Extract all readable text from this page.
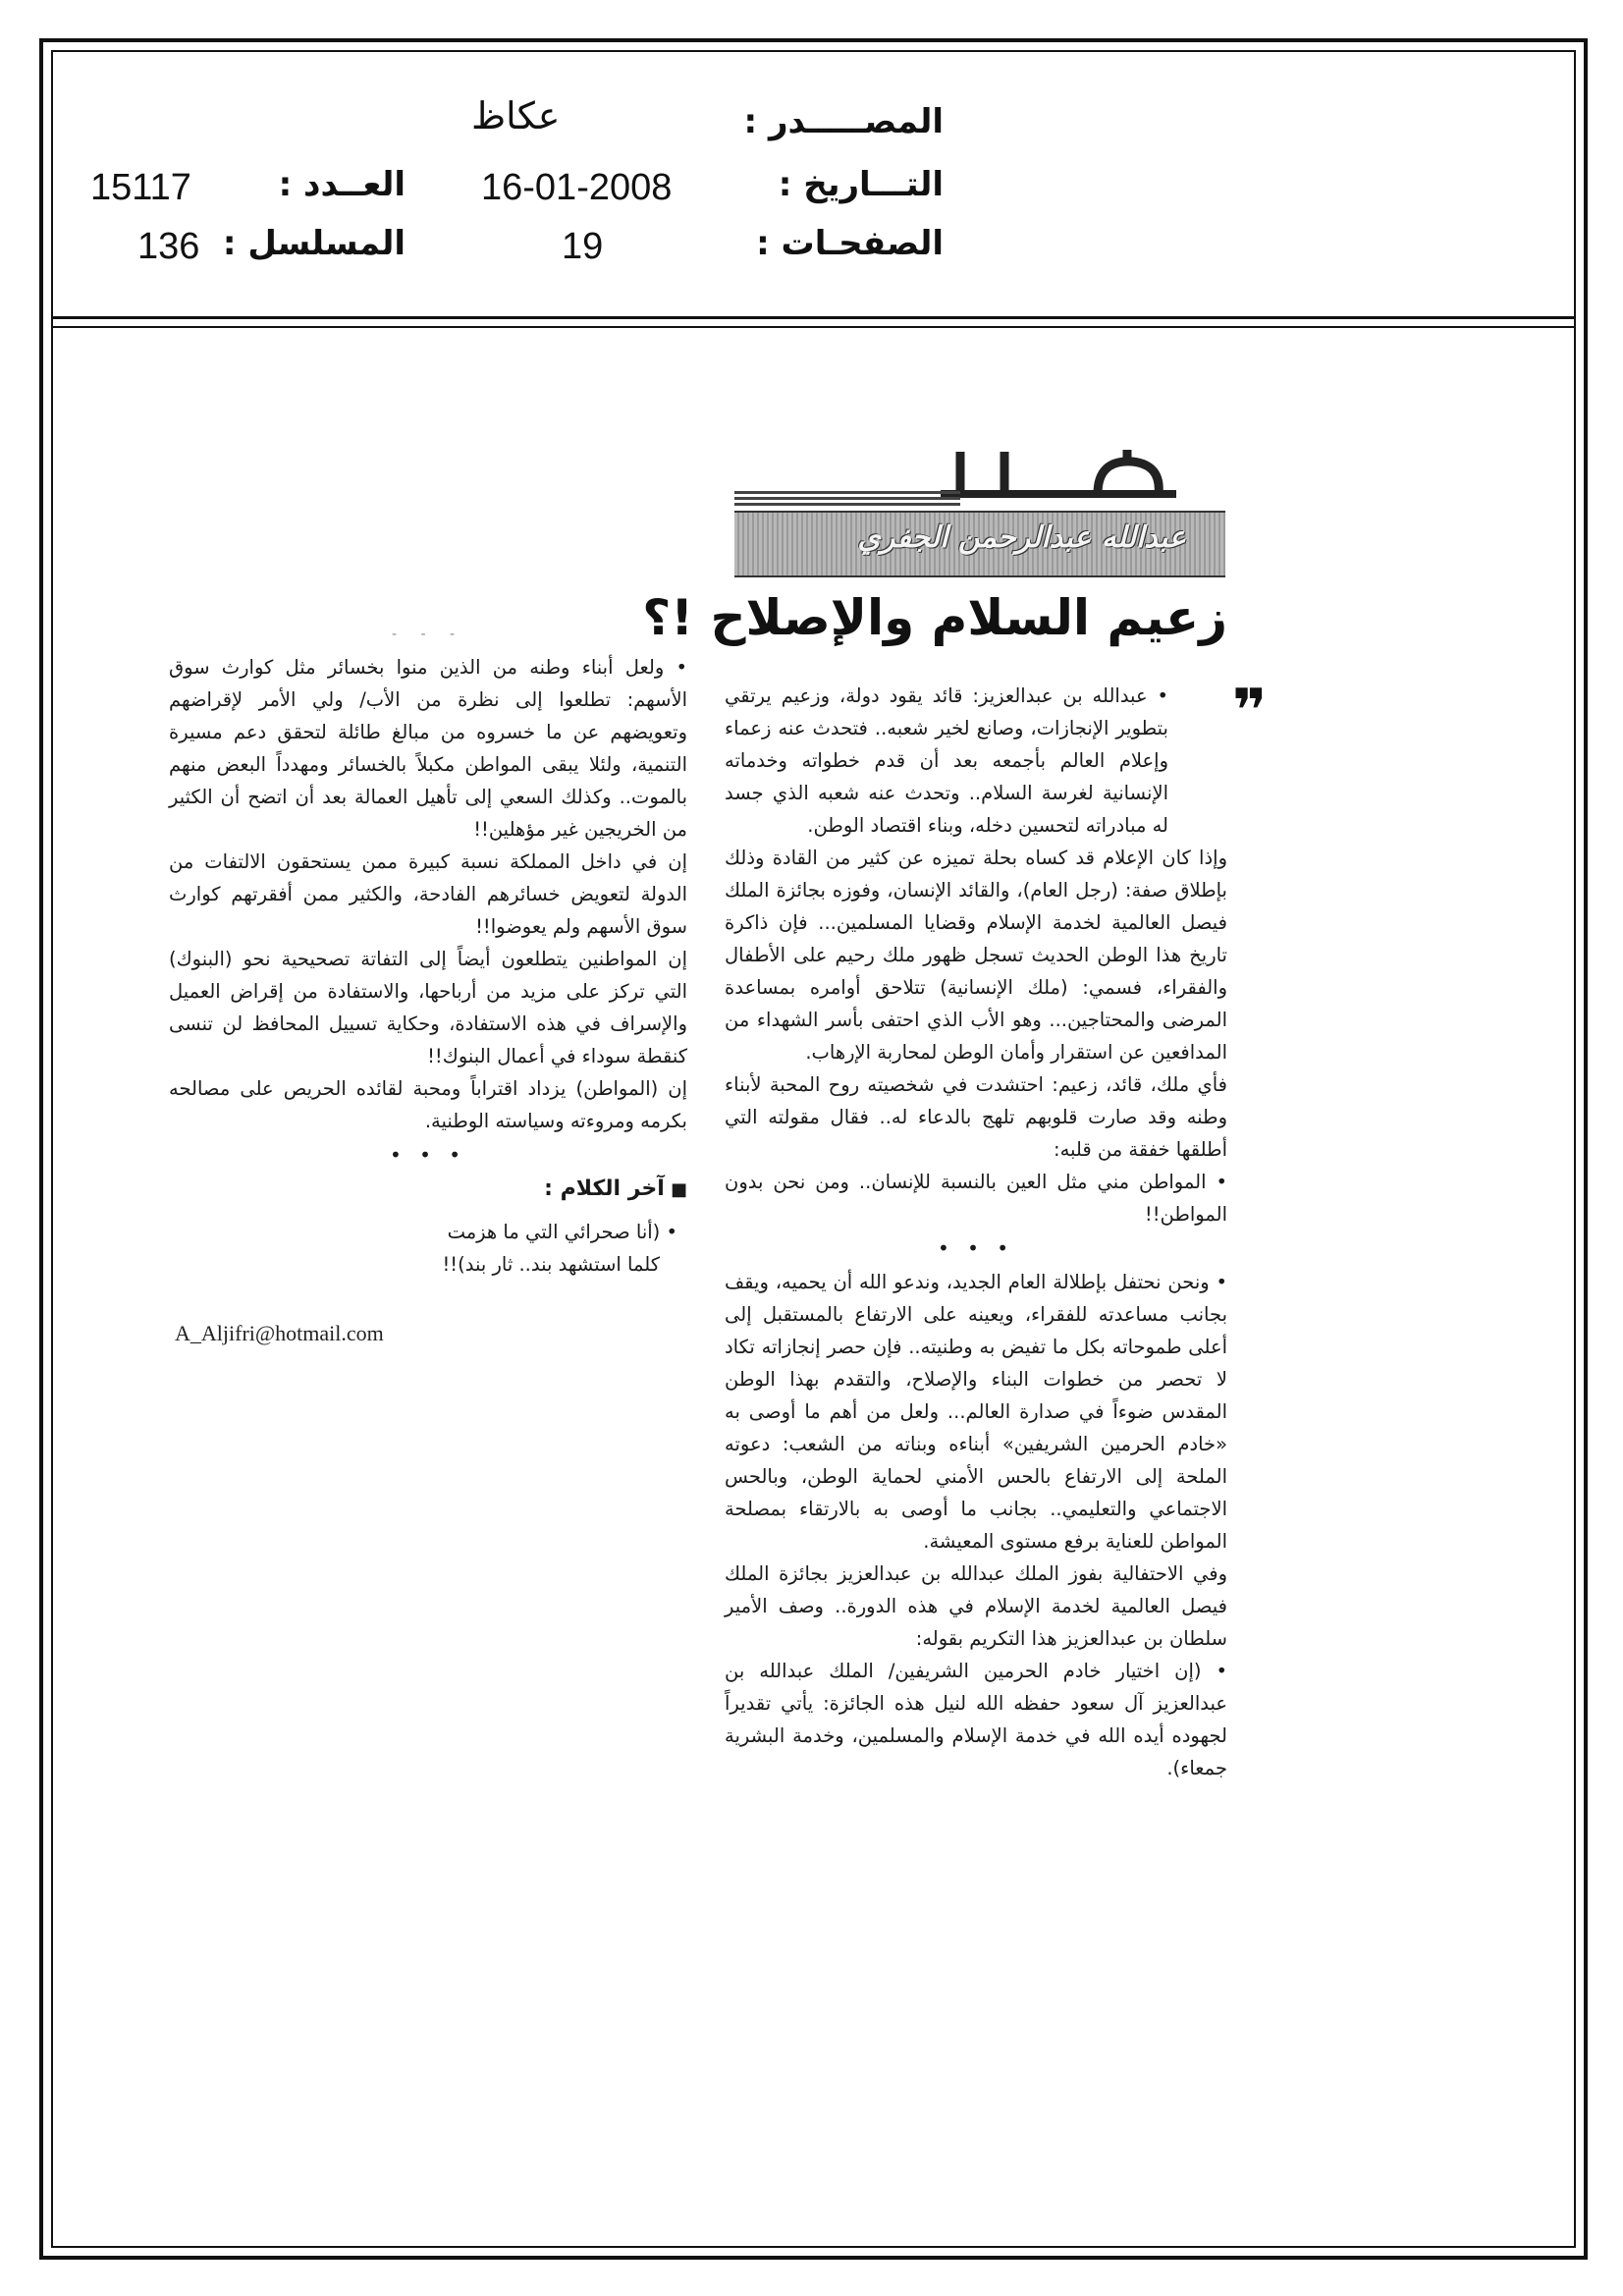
المصـــــدر :
عكاظ
التـــاريخ :
16-01-2008
العــدد :
15117
الصفحـات :
19
المسلسل :
136
عبدالله عبدالرحمن الجفري
زعيم السلام والإصلاح !؟
❞

• عبدالله بن عبدالعزيز: قائد يقود دولة، وزعيم يرتقي بتطوير الإنجازات، وصانع لخير شعبه.. فتحدث عنه زعماء وإعلام العالم بأجمعه بعد أن قدم خطواته وخدماته الإنسانية لغرسة السلام.. وتحدث عنه شعبه الذي جسد له مبادراته لتحسين دخله، وبناء اقتصاد الوطن.

وإذا كان الإعلام قد كساه بحلة تميزه عن كثير من القادة وذلك بإطلاق صفة: (رجل العام)، والقائد الإنسان، وفوزه بجائزة الملك فيصل العالمية لخدمة الإسلام وقضايا المسلمين... فإن ذاكرة تاريخ هذا الوطن الحديث تسجل ظهور ملك رحيم على الأطفال والفقراء، فسمي: (ملك الإنسانية) تتلاحق أوامره بمساعدة المرضى والمحتاجين... وهو الأب الذي احتفى بأسر الشهداء من المدافعين عن استقرار وأمان الوطن لمحاربة الإرهاب.

فأي ملك، قائد، زعيم: احتشدت في شخصيته روح المحبة لأبناء وطنه وقد صارت قلوبهم تلهج بالدعاء له.. فقال مقولته التي أطلقها خفقة من قلبه:

• المواطن مني مثل العين بالنسبة للإنسان.. ومن نحن بدون المواطن!!

• • •

• ونحن نحتفل بإطلالة العام الجديد، وندعو الله أن يحميه، ويقف بجانب مساعدته للفقراء، ويعينه على الارتفاع بالمستقبل إلى أعلى طموحاته بكل ما تفيض به وطنيته.. فإن حصر إنجازاته تكاد لا تحصر من خطوات البناء والإصلاح، والتقدم بهذا الوطن المقدس ضوءاً في صدارة العالم... ولعل من أهم ما أوصى به «خادم الحرمين الشريفين» أبناءه وبناته من الشعب: دعوته الملحة إلى الارتفاع بالحس الأمني لحماية الوطن، وبالحس الاجتماعي والتعليمي.. بجانب ما أوصى به بالارتقاء بمصلحة المواطن للعناية برفع مستوى المعيشة.

وفي الاحتفالية بفوز الملك عبدالله بن عبدالعزيز بجائزة الملك فيصل العالمية لخدمة الإسلام في هذه الدورة.. وصف الأمير سلطان بن عبدالعزيز هذا التكريم بقوله:

• (إن اختيار خادم الحرمين الشريفين/ الملك عبدالله بن عبدالعزيز آل سعود حفظه الله لنيل هذه الجائزة: يأتي تقديراً لجهوده أيده الله في خدمة الإسلام والمسلمين، وخدمة البشرية جمعاء).

- - -

• ولعل أبناء وطنه من الذين منوا بخسائر مثل كوارث سوق الأسهم: تطلعوا إلى نظرة من الأب/ ولي الأمر لإقراضهم وتعويضهم عن ما خسروه من مبالغ طائلة لتحقق دعم مسيرة التنمية، ولئلا يبقى المواطن مكبلاً بالخسائر ومهدداً البعض منهم بالموت.. وكذلك السعي إلى تأهيل العمالة بعد أن اتضح أن الكثير من الخريجين غير مؤهلين!!

إن في داخل المملكة نسبة كبيرة ممن يستحقون الالتفات من الدولة لتعويض خسائرهم الفادحة، والكثير ممن أفقرتهم كوارث سوق الأسهم ولم يعوضوا!!

إن المواطنين يتطلعون أيضاً إلى التفاتة تصحيحية نحو (البنوك) التي تركز على مزيد من أرباحها، والاستفادة من إقراض العميل والإسراف في هذه الاستفادة، وحكاية تسييل المحافظ لن تنسى كنقطة سوداء في أعمال البنوك!!

إن (المواطن) يزداد اقتراباً ومحبة لقائده الحريص على مصالحه بكرمه ومروءته وسياسته الوطنية.

• • •

■ آخر الكلام :

• (أنا صحرائي التي ما هزمت

كلما استشهد بند.. ثار بند)!!

A_Aljifri@hotmail.com
